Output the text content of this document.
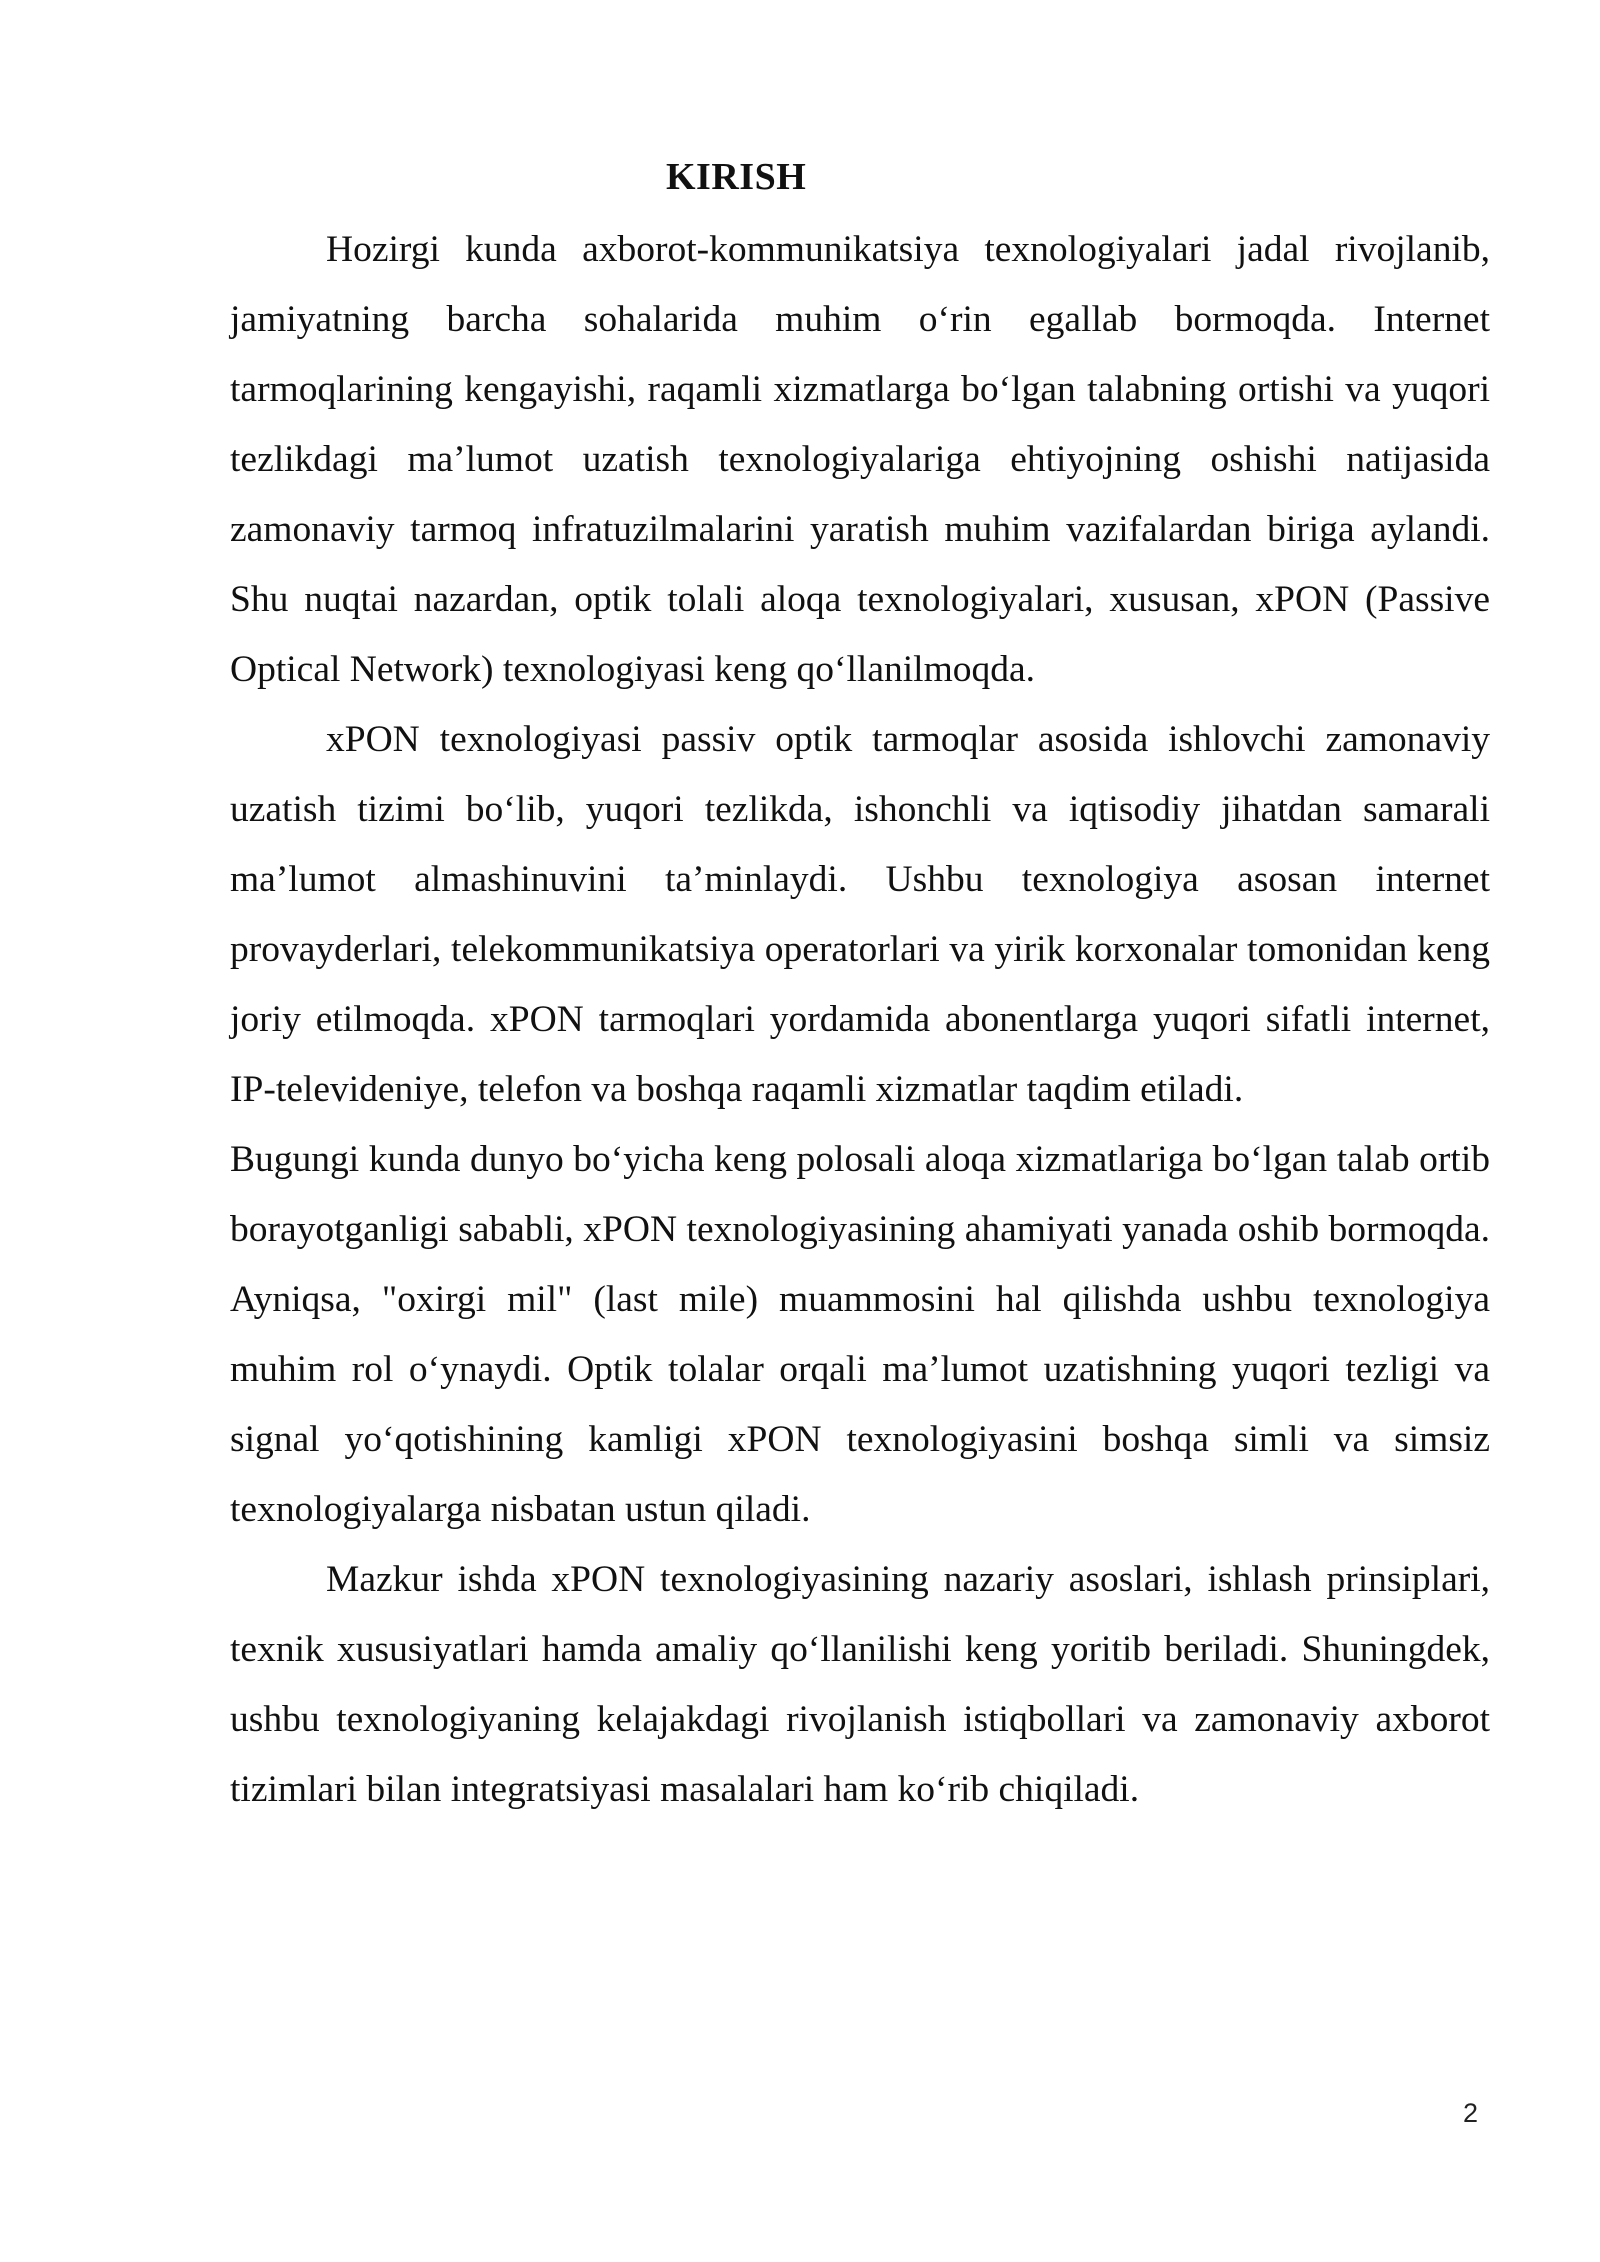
KIRISH

Hozirgi kunda axborot-kommunikatsiya texnologiyalari jadal rivojlanib, jamiyatning barcha sohalarida muhim o‘rin egallab bormoqda. Internet tarmoqlarining kengayishi, raqamli xizmatlarga bo‘lgan talabning ortishi va yuqori tezlikdagi ma’lumot uzatish texnologiyalariga ehtiyojning oshishi natijasida zamonaviy tarmoq infratuzilmalarini yaratish muhim vazifalardan biriga aylandi. Shu nuqtai nazardan, optik tolali aloqa texnologiyalari, xususan, xPON (Passive Optical Network) texnologiyasi keng qo‘llanilmoqda.

xPON texnologiyasi passiv optik tarmoqlar asosida ishlovchi zamonaviy uzatish tizimi bo‘lib, yuqori tezlikda, ishonchli va iqtisodiy jihatdan samarali ma’lumot almashinuvini ta’minlaydi. Ushbu texnologiya asosan internet provayderlari, telekommunikatsiya operatorlari va yirik korxonalar tomonidan keng joriy etilmoqda. xPON tarmoqlari yordamida abonentlarga yuqori sifatli internet, IP-televideniye, telefon va boshqa raqamli xizmatlar taqdim etiladi.

Bugungi kunda dunyo bo‘yicha keng polosali aloqa xizmatlariga bo‘lgan talab ortib borayotganligi sababli, xPON texnologiyasining ahamiyati yanada oshib bormoqda. Ayniqsa, "oxirgi mil" (last mile) muammosini hal qilishda ushbu texnologiya muhim rol o‘ynaydi. Optik tolalar orqali ma’lumot uzatishning yuqori tezligi va signal yo‘qotishining kamligi xPON texnologiyasini boshqa simli va simsiz texnologiyalarga nisbatan ustun qiladi.

Mazkur ishda xPON texnologiyasining nazariy asoslari, ishlash prinsiplari, texnik xususiyatlari hamda amaliy qo‘llanilishi keng yoritib beriladi. Shuningdek, ushbu texnologiyaning kelajakdagi rivojlanish istiqbollari va zamonaviy axborot tizimlari bilan integratsiyasi masalalari ham ko‘rib chiqiladi.

2
